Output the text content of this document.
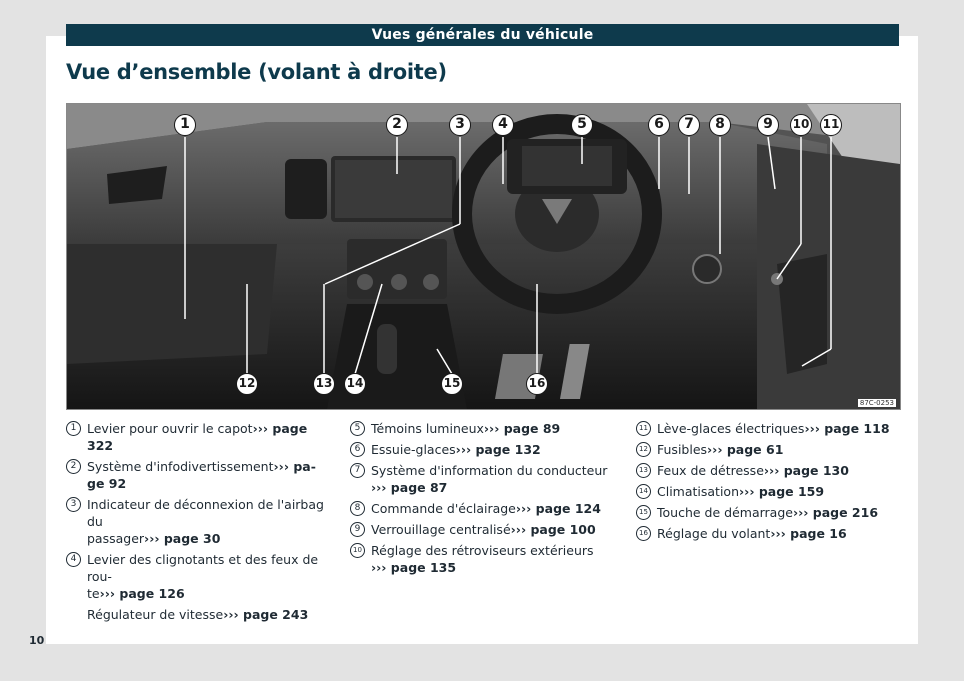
Vues générales du véhicule
Vue d’ensemble (volant à droite)
1	2	3	4	5	6	7	8	9	10 11
12	13 14	15	16
87C-0253
1 Levier pour ouvrir le capot››› page 322
2 Système d'infodivertissement››› pa-
ge 92
3 Indicateur de déconnexion de l'airbag du
passager››› page 30
4 Levier des clignotants et des feux de rou-
te››› page 126
Régulateur de vitesse››› page 243
5 Témoins lumineux››› page 89
6 Essuie-glaces››› page 132
7 Système d'information du conducteur
››› page 87
8 Commande d'éclairage››› page 124
9 Verrouillage centralisé››› page 100
10 Réglage des rétroviseurs extérieurs
››› page 135
11 Lève-glaces électriques››› page 118
12 Fusibles››› page 61
13 Feux de détresse››› page 130
14 Climatisation››› page 159
15 Touche de démarrage››› page 216
16 Réglage du volant››› page 16
10
